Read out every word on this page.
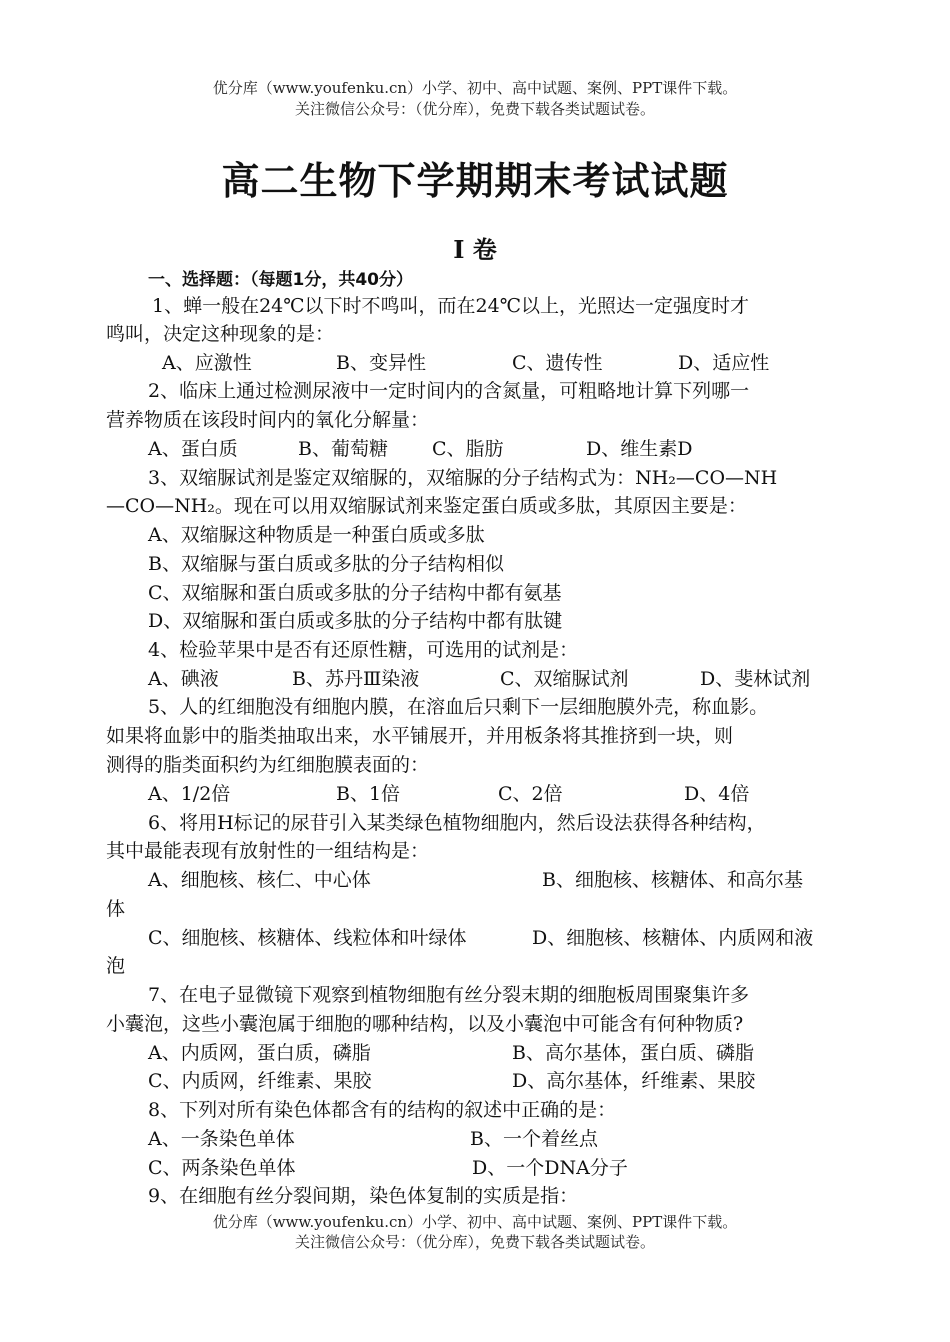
优分库（www.youfenku.cn）小学、初中、高中试题、案例、PPT课件下载。
关注微信公众号：（优分库），免费下载各类试题试卷。
高二生物下学期期末考试试题
Ⅰ 卷
一、选择题：（每题1分，共40分）
1、蝉一般在24℃以下时不鸣叫，而在24℃以上，光照达一定强度时才
鸣叫，决定这种现象的是：
A、应激性	B、变异性	C、遗传性	D、适应性
2、临床上通过检测尿液中一定时间内的含氮量，可粗略地计算下列哪一
营养物质在该段时间内的氧化分解量：
A、蛋白质	B、葡萄糖 C、脂肪	D、维生素D
3、双缩脲试剂是鉴定双缩脲的，双缩脲的分子结构式为：NH₂—CO—NH
—CO—NH₂。现在可以用双缩脲试剂来鉴定蛋白质或多肽，其原因主要是：
A、双缩脲这种物质是一种蛋白质或多肽
B、双缩脲与蛋白质或多肽的分子结构相似
C、双缩脲和蛋白质或多肽的分子结构中都有氨基
D、双缩脲和蛋白质或多肽的分子结构中都有肽键
4、检验苹果中是否有还原性糖，可选用的试剂是：
A、碘液	B、苏丹Ⅲ染液	C、双缩脲试剂	D、斐林试剂
5、人的红细胞没有细胞内膜，在溶血后只剩下一层细胞膜外壳，称血影。
如果将血影中的脂类抽取出来，水平铺展开，并用板条将其推挤到一块，则
测得的脂类面积约为红细胞膜表面的：
A、1/2倍	B、1倍	C、2倍	D、4倍
6、将用H标记的尿苷引入某类绿色植物细胞内，然后设法获得各种结构，
其中最能表现有放射性的一组结构是：
A、细胞核、核仁、中心体	B、细胞核、核糖体、和高尔基
体
C、细胞核、核糖体、线粒体和叶绿体	D、细胞核、核糖体、内质网和液
泡
7、在电子显微镜下观察到植物细胞有丝分裂末期的细胞板周围聚集许多
小囊泡，这些小囊泡属于细胞的哪种结构，以及小囊泡中可能含有何种物质?
A、内质网，蛋白质，磷脂	B、高尔基体，蛋白质、磷脂
C、内质网，纤维素、果胶	D、高尔基体，纤维素、果胶
8、下列对所有染色体都含有的结构的叙述中正确的是：
A、一条染色单体	B、一个着丝点
C、两条染色单体	D、一个DNA分子
9、在细胞有丝分裂间期，染色体复制的实质是指：
优分库（www.youfenku.cn）小学、初中、高中试题、案例、PPT课件下载。
关注微信公众号：（优分库），免费下载各类试题试卷。
